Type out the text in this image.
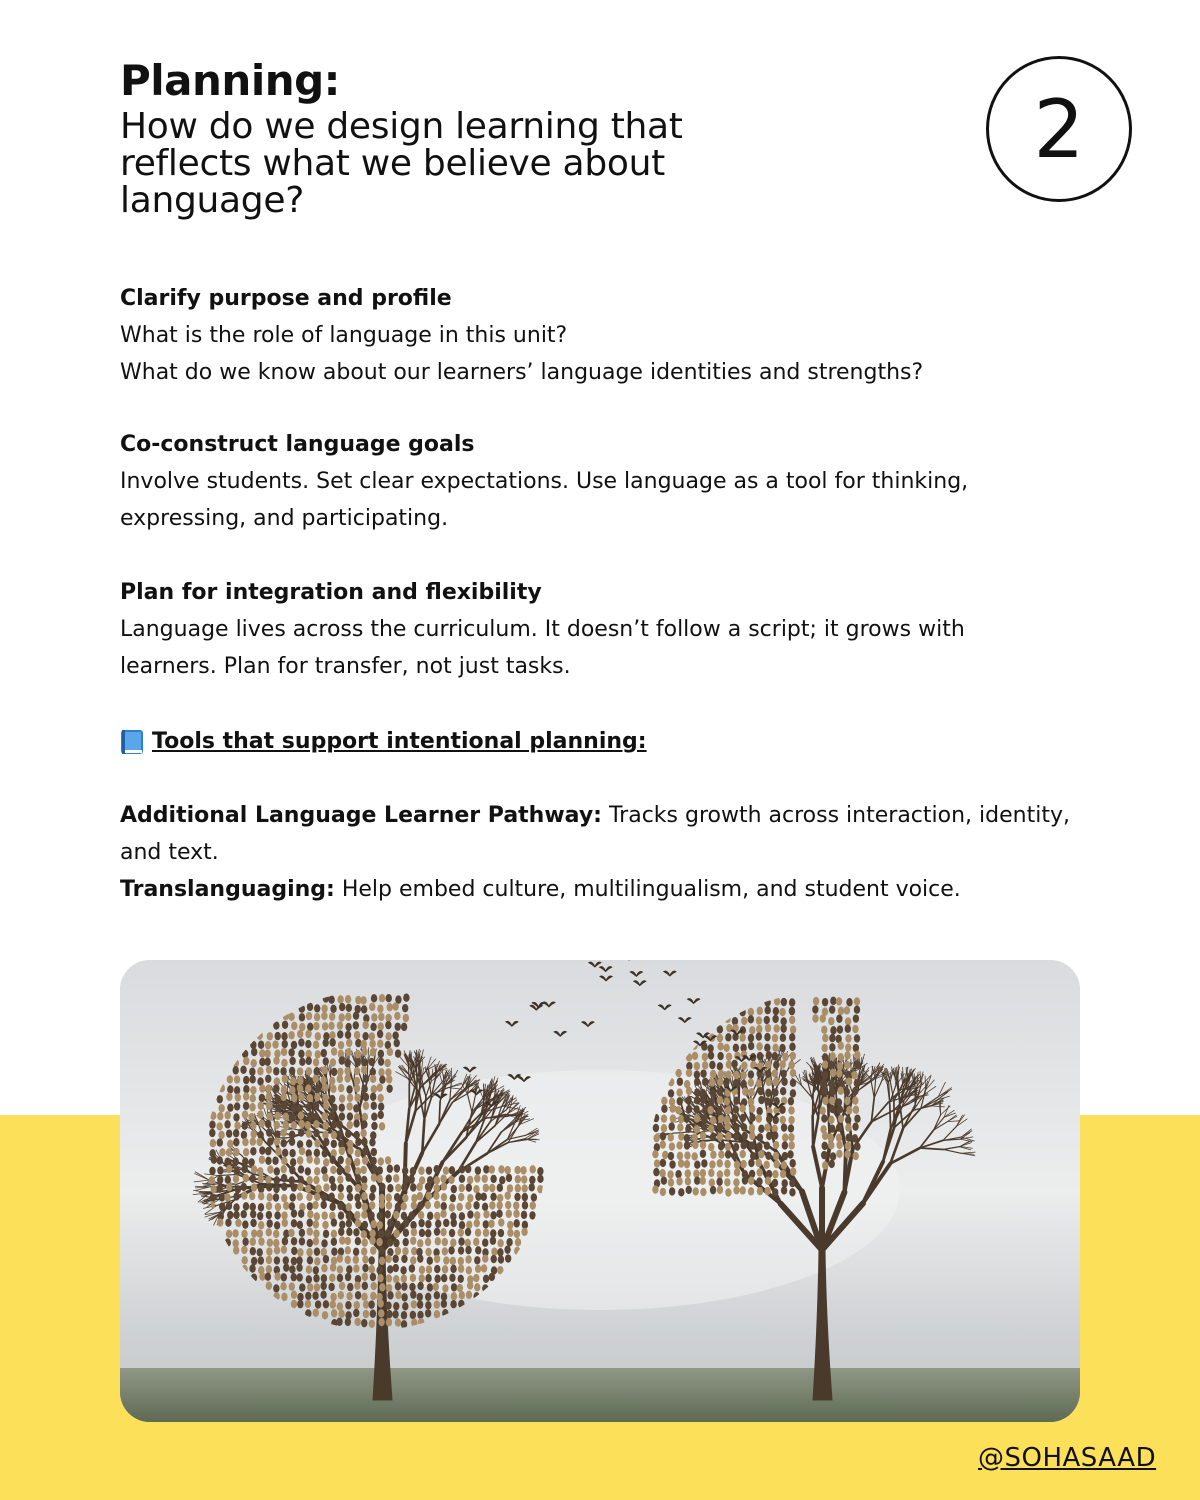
Planning:
How do we design learning that reflects what we believe about language?
2
Clarify purpose and profile
What is the role of language in this unit?
What do we know about our learners’ language identities and strengths?
Co-construct language goals
Involve students. Set clear expectations. Use language as a tool for thinking, expressing, and participating.
Plan for integration and flexibility
Language lives across the curriculum. It doesn’t follow a script; it grows with learners. Plan for transfer, not just tasks.
Tools that support intentional planning:
Additional Language Learner Pathway: Tracks growth across interaction, identity, and text.
Translanguaging: Help embed culture, multilingualism, and student voice.
@SOHASAAD
